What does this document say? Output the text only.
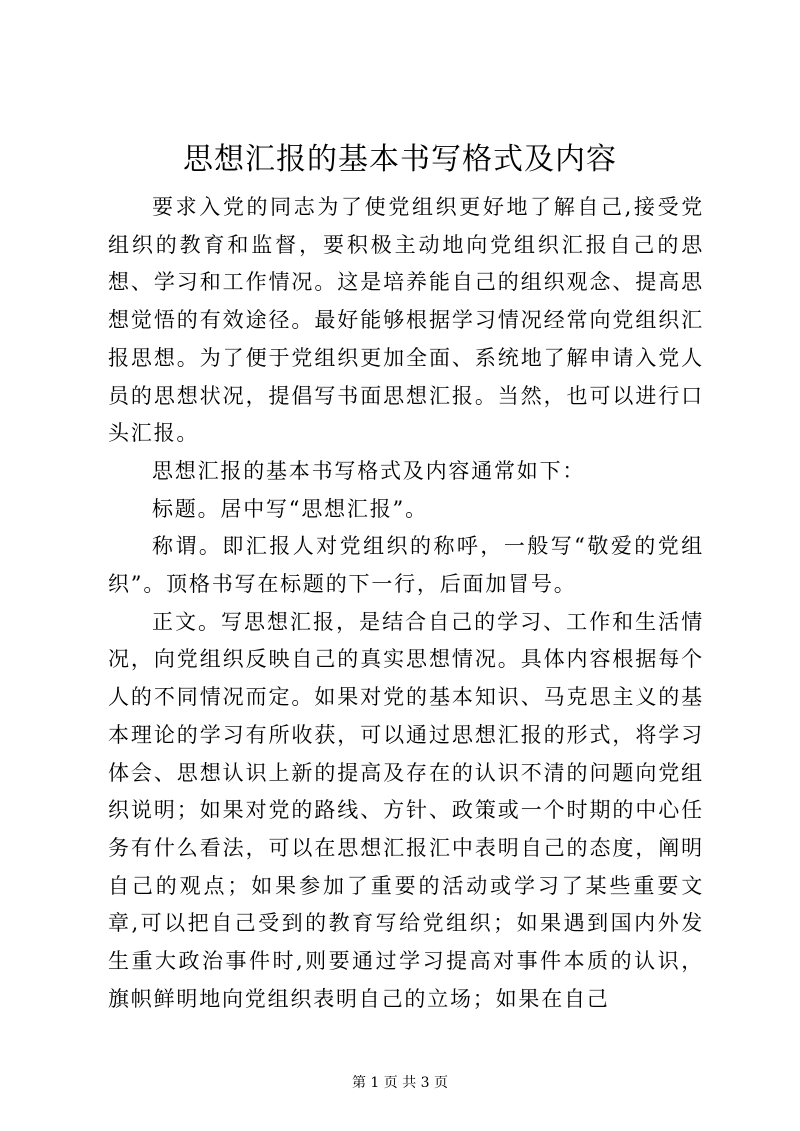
思想汇报的基本书写格式及内容

要求入党的同志为了使党组织更好地了解自己,接受党组织的教育和监督，要积极主动地向党组织汇报自己的思想、学习和工作情况。这是培养能自己的组织观念、提高思想觉悟的有效途径。最好能够根据学习情况经常向党组织汇报思想。为了便于党组织更加全面、系统地了解申请入党人员的思想状况，提倡写书面思想汇报。当然，也可以进行口头汇报。

思想汇报的基本书写格式及内容通常如下：

标题。居中写“思想汇报”。

称谓。即汇报人对党组织的称呼，一般写“敬爱的党组织”。顶格书写在标题的下一行，后面加冒号。

正文。写思想汇报，是结合自己的学习、工作和生活情况，向党组织反映自己的真实思想情况。具体内容根据每个人的不同情况而定。如果对党的基本知识、马克思主义的基本理论的学习有所收获，可以通过思想汇报的形式，将学习体会、思想认识上新的提高及存在的认识不清的问题向党组织说明；如果对党的路线、方针、政策或一个时期的中心任务有什么看法，可以在思想汇报汇中表明自己的态度，阐明自己的观点；如果参加了重要的活动或学习了某些重要文章,可以把自己受到的教育写给党组织；如果遇到国内外发生重大政治事件时,则要通过学习提高对事件本质的认识，旗帜鲜明地向党组织表明自己的立场；如果在自己

第 1 页 共 3 页
